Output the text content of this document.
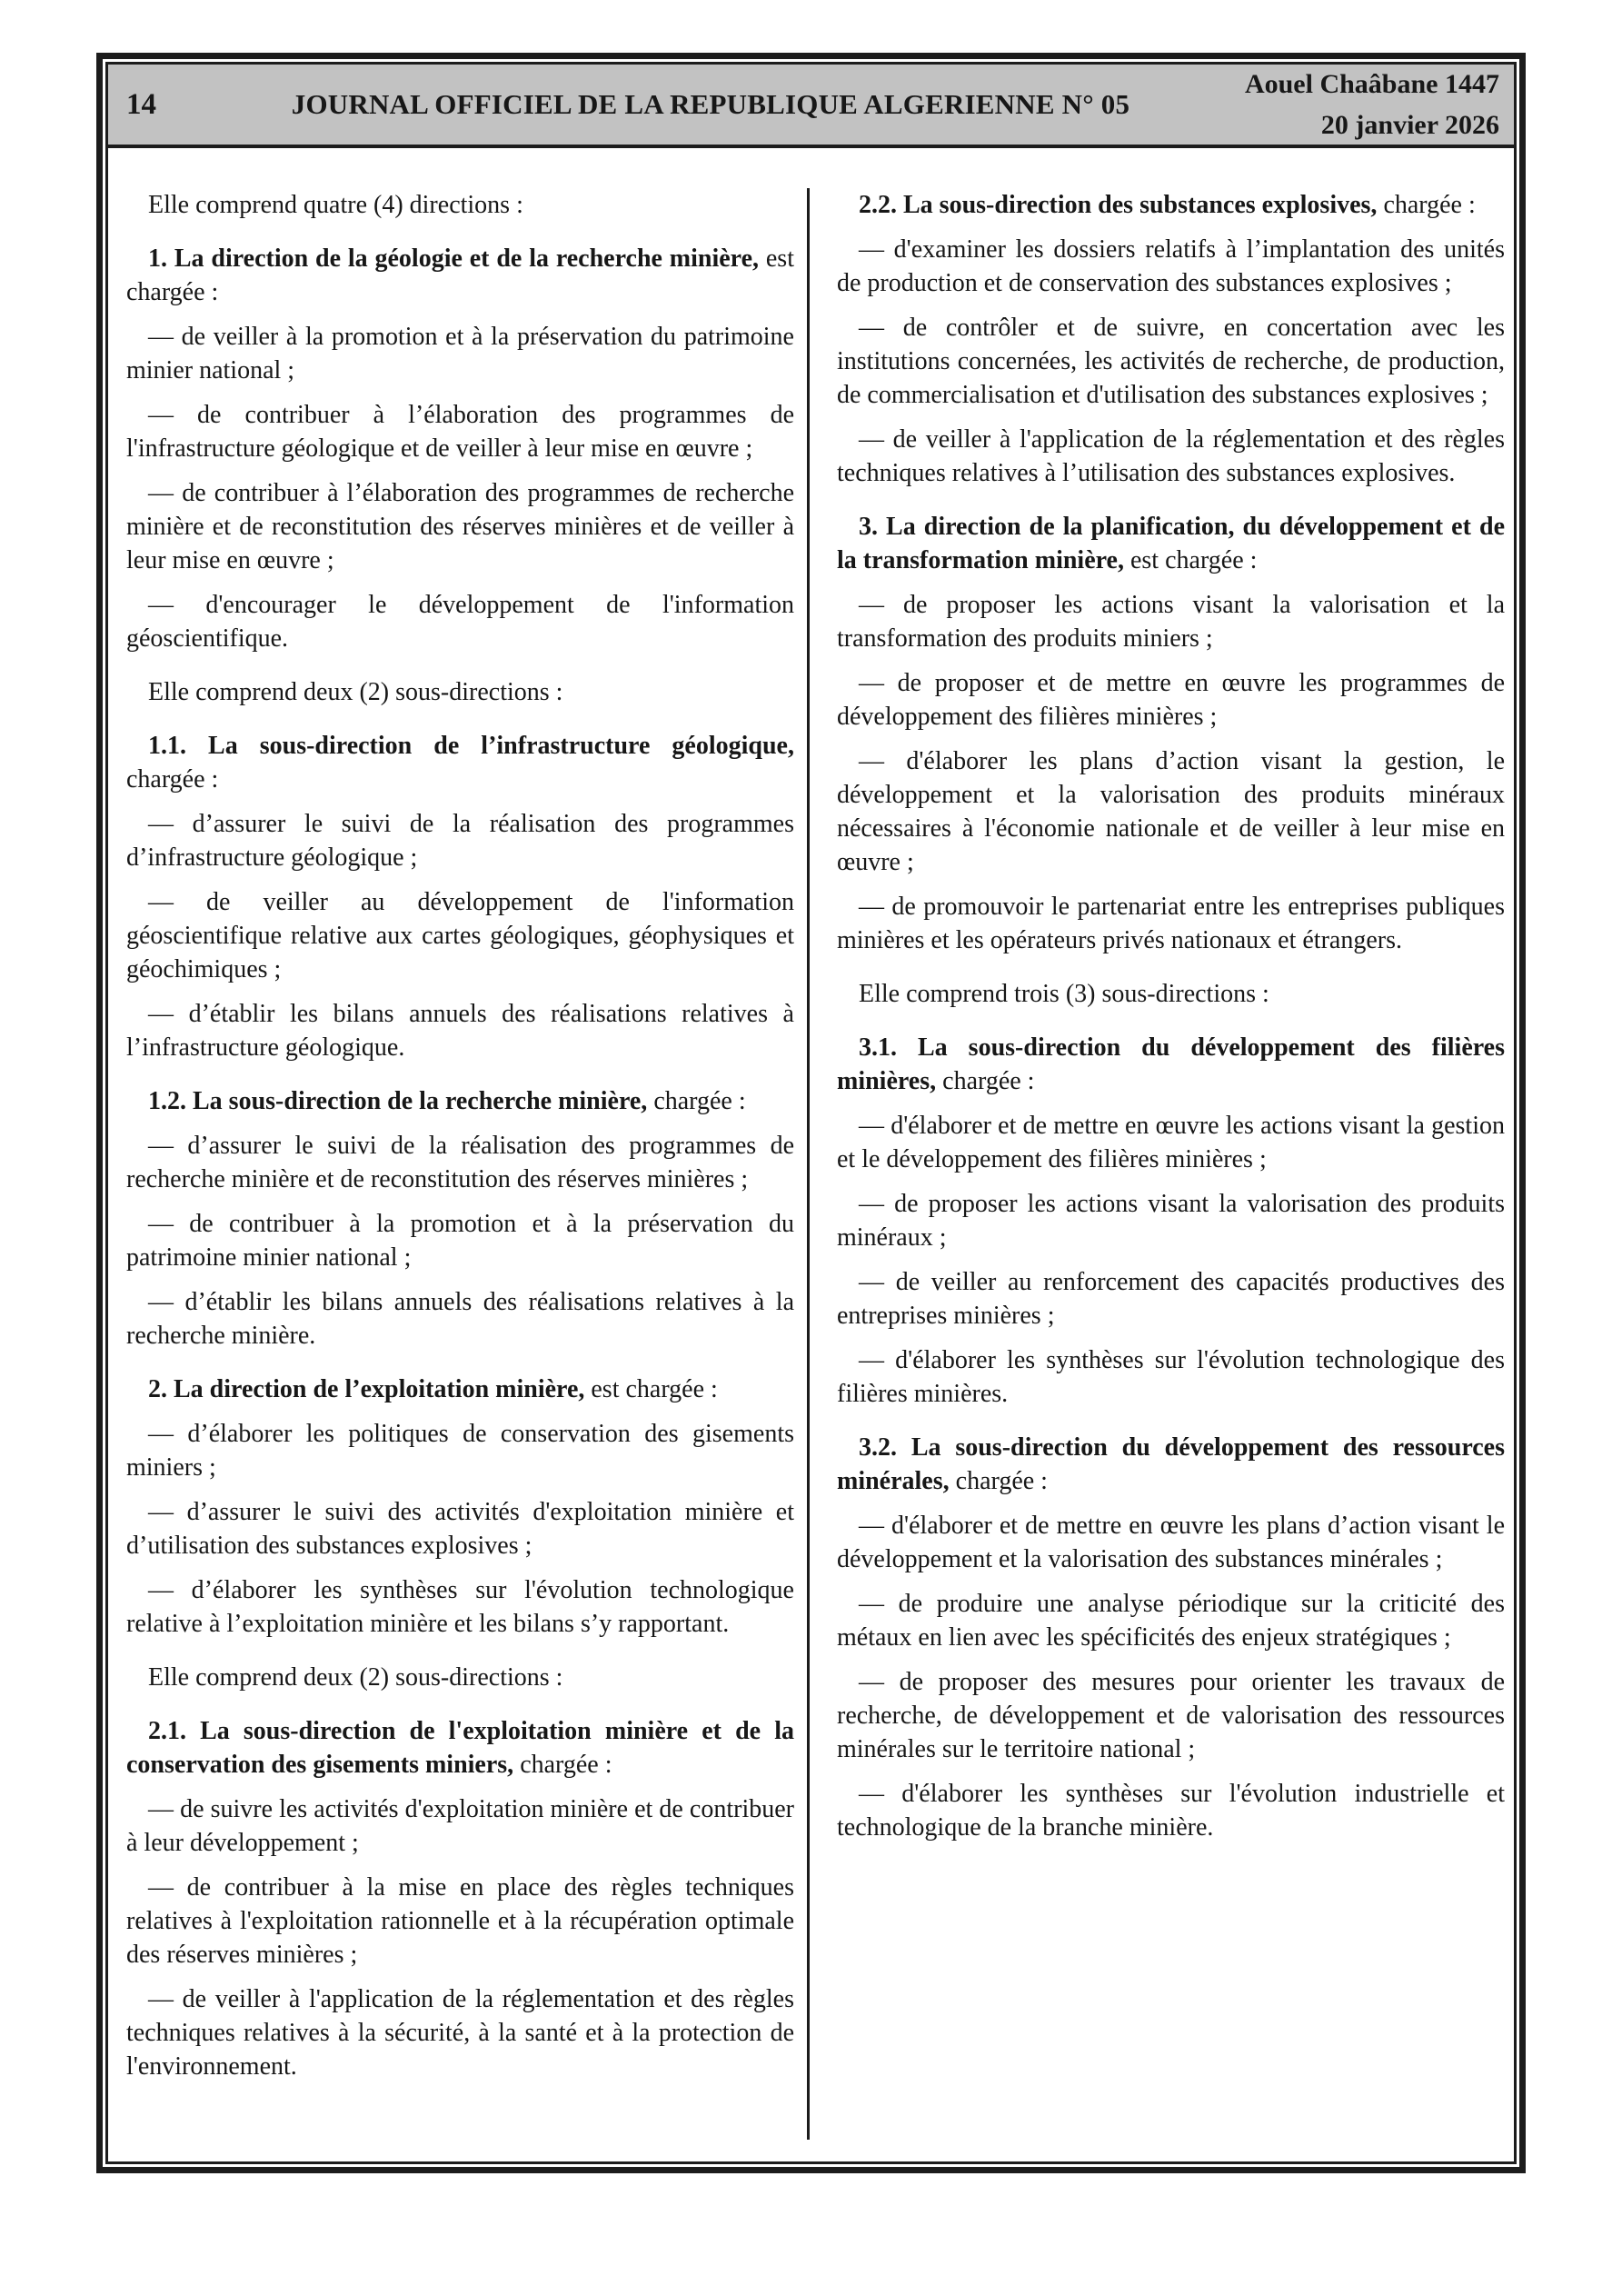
14	JOURNAL OFFICIEL DE LA REPUBLIQUE ALGERIENNE N° 05
Aouel Chaâbane 1447
20 janvier 2026

Elle comprend quatre (4) directions :

1. La direction de la géologie et de la recherche minière, est chargée :

— de veiller à la promotion et à la préservation du patrimoine minier national ;

— de contribuer à l’élaboration des programmes de l'infrastructure géologique et de veiller à leur mise en œuvre ;

— de contribuer à l’élaboration des programmes de recherche minière et de reconstitution des réserves minières et de veiller à leur mise en œuvre ;

— d'encourager le développement de l'information géoscientifique.

Elle comprend deux (2) sous-directions :

1.1. La sous-direction de l’infrastructure géologique, chargée :

— d’assurer le suivi de la réalisation des programmes d’infrastructure géologique ;

— de veiller au développement de l'information géoscientifique relative aux cartes géologiques, géophysiques et géochimiques ;

— d’établir les bilans annuels des réalisations relatives à l’infrastructure géologique.

1.2. La sous-direction de la recherche minière, chargée :

— d’assurer le suivi de la réalisation des programmes de recherche minière et de reconstitution des réserves minières ;

— de contribuer à la promotion et à la préservation du patrimoine minier national ;

— d’établir les bilans annuels des réalisations relatives à la recherche minière.

2. La direction de l’exploitation minière, est chargée :

— d’élaborer les politiques de conservation des gisements miniers ;

— d’assurer le suivi des activités d'exploitation minière et d’utilisation des substances explosives ;

— d’élaborer les synthèses sur l'évolution technologique relative à l’exploitation minière et les bilans s’y rapportant.

Elle comprend deux (2) sous-directions :

2.1. La sous-direction de l'exploitation minière et de la conservation des gisements miniers, chargée :

— de suivre les activités d'exploitation minière et de contribuer à leur développement ;

— de contribuer à la mise en place des règles techniques relatives à l'exploitation rationnelle et à la récupération optimale des réserves minières ;

— de veiller à l'application de la réglementation et des règles techniques relatives à la sécurité, à la santé et à la protection de l'environnement.

2.2. La sous-direction des substances explosives, chargée :

— d'examiner les dossiers relatifs à l’implantation des unités de production et de conservation des substances explosives ;

— de contrôler et de suivre, en concertation avec les institutions concernées, les activités de recherche, de production, de commercialisation et d'utilisation des substances explosives ;

— de veiller à l'application de la réglementation et des règles techniques relatives à l’utilisation des substances explosives.

3. La direction de la planification, du développement et de la transformation minière, est chargée :

— de proposer les actions visant la valorisation et la transformation des produits miniers ;

— de proposer et de mettre en œuvre les programmes de développement des filières minières ;

— d'élaborer les plans d’action visant la gestion, le développement et la valorisation des produits minéraux nécessaires à l'économie nationale et de veiller à leur mise en œuvre ;

— de promouvoir le partenariat entre les entreprises publiques minières et les opérateurs privés nationaux et étrangers.

Elle comprend trois (3) sous-directions :

3.1. La sous-direction du développement des filières minières, chargée :

— d'élaborer et de mettre en œuvre les actions visant la gestion et le développement des filières minières ;

— de proposer les actions visant la valorisation des produits minéraux ;

— de veiller au renforcement des capacités productives des entreprises minières ;

— d'élaborer les synthèses sur l'évolution technologique des filières minières.

3.2. La sous-direction du développement des ressources minérales, chargée :

— d'élaborer et de mettre en œuvre les plans d’action visant le développement et la valorisation des substances minérales ;

— de produire une analyse périodique sur la criticité des métaux en lien avec les spécificités des enjeux stratégiques ;

— de proposer des mesures pour orienter les travaux de recherche, de développement et de valorisation des ressources minérales sur le territoire national ;

— d'élaborer les synthèses sur l'évolution industrielle et technologique de la branche minière.
